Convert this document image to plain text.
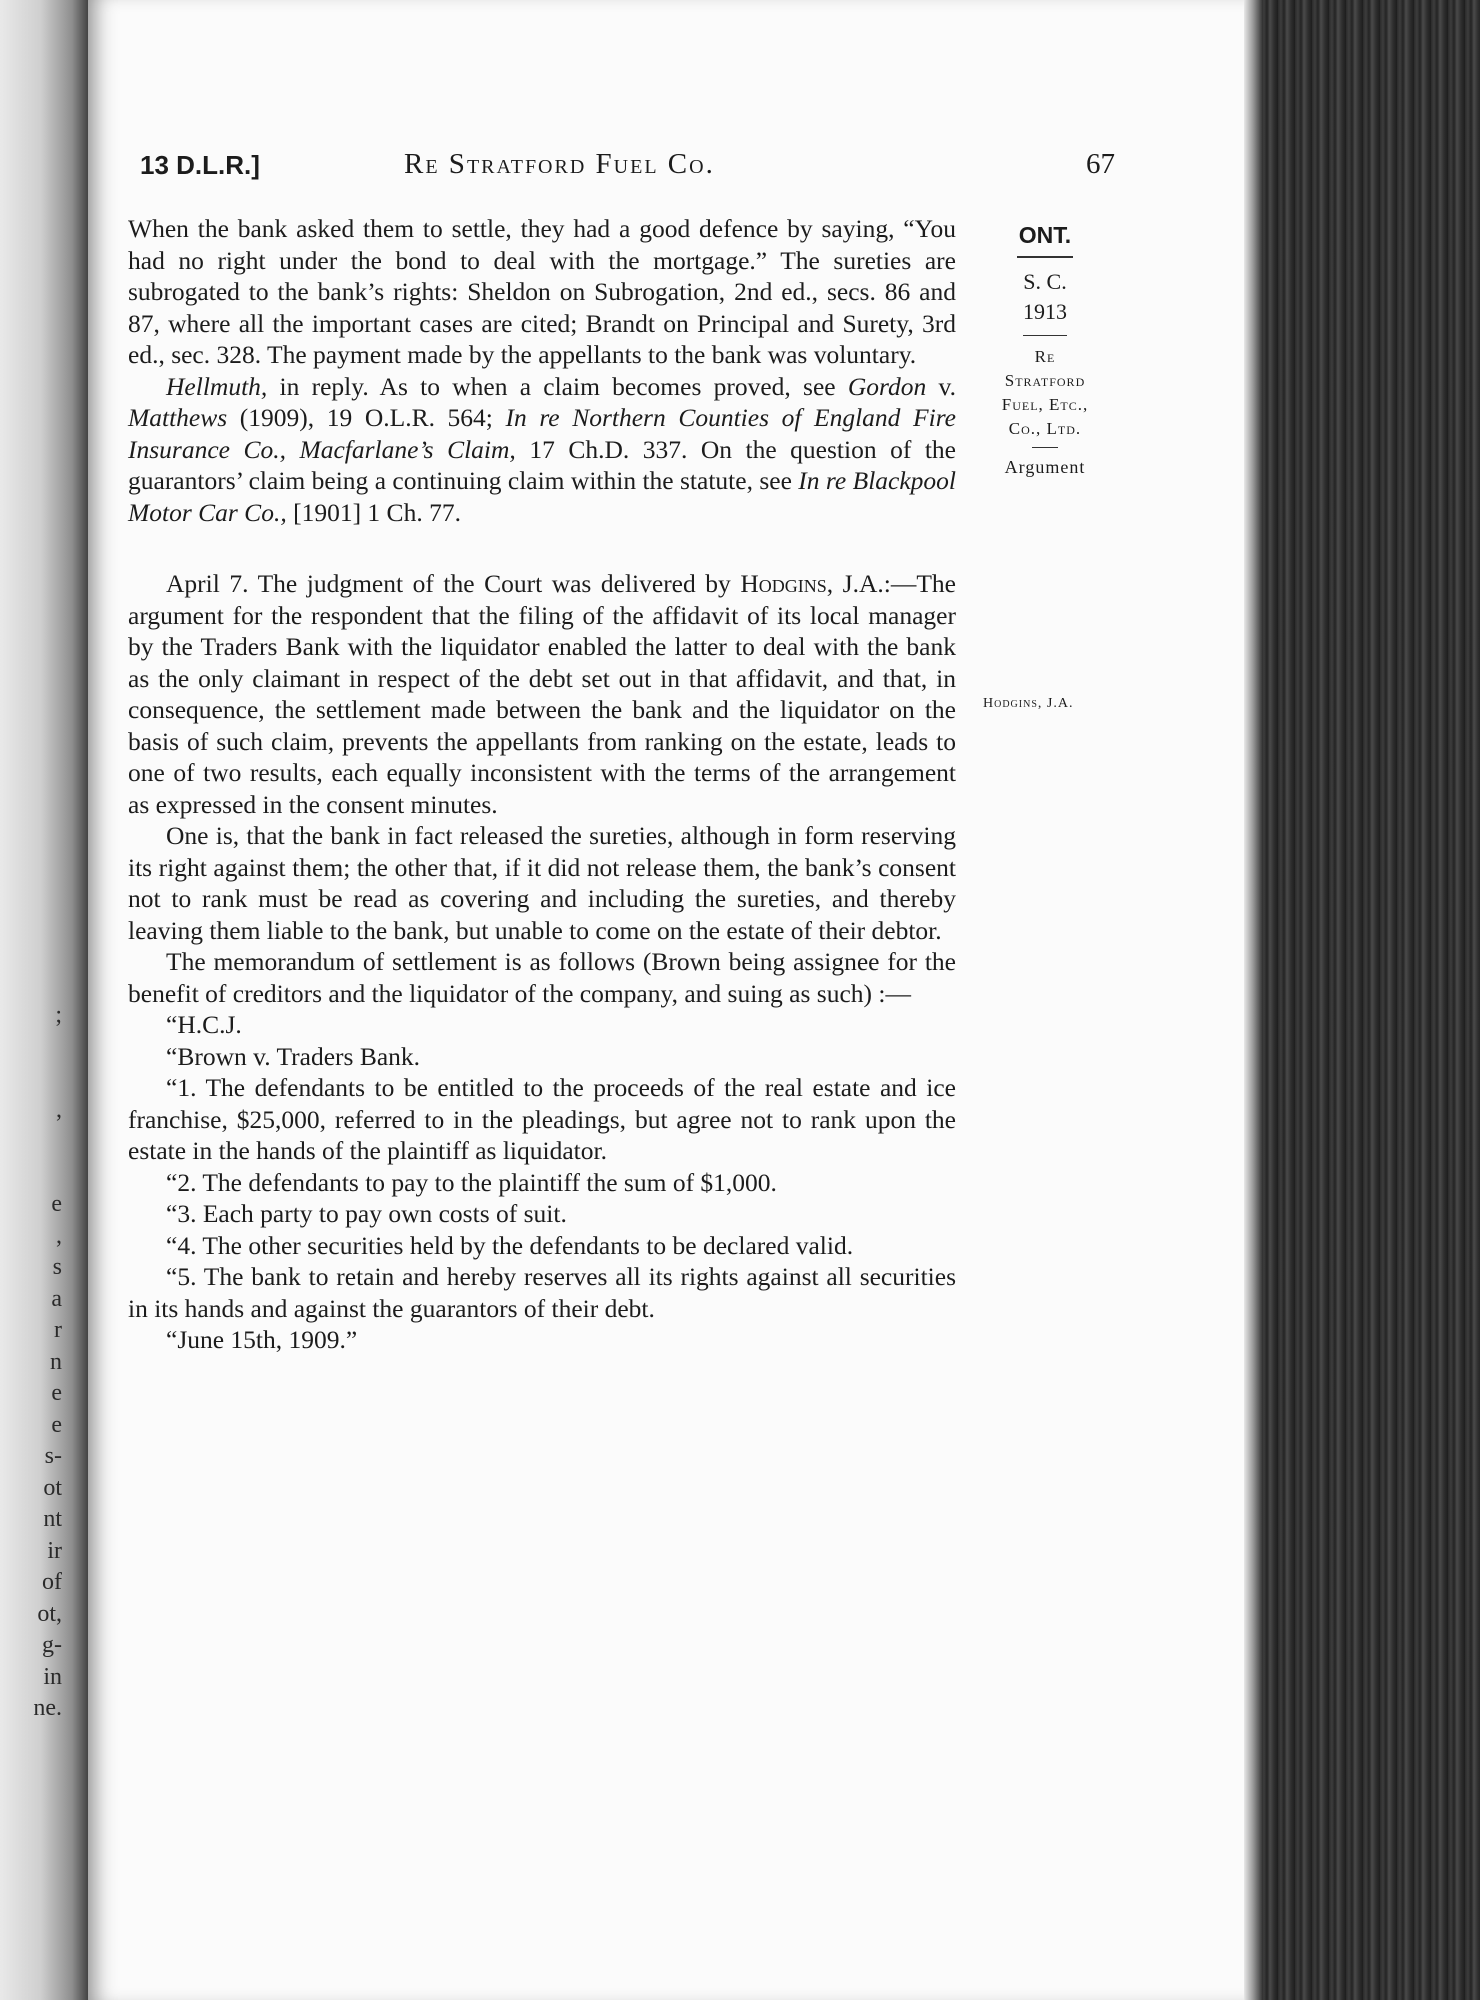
;
,
e
,
s
a
r
n
e
e
s-
ot
nt
ir
of
ot,
g-
in
ne.
13 D.L.R.]	Re Stratford Fuel Co.	67
ONT.
S. C.
1913
Re
Stratford
Fuel, Etc.,
Co., Ltd.
Argument
Hodgins, J.A.

When the bank asked them to settle, they had a good defence by saying, “You had no right under the bond to deal with the mortgage.” The sureties are subrogated to the bank’s rights: Sheldon on Subrogation, 2nd ed., secs. 86 and 87, where all the important cases are cited; Brandt on Principal and Surety, 3rd ed., sec. 328. The payment made by the appellants to the bank was voluntary.

Hellmuth, in reply. As to when a claim becomes proved, see Gordon v. Matthews (1909), 19 O.L.R. 564; In re Northern Counties of England Fire Insurance Co., Macfarlane’s Claim, 17 Ch.D. 337. On the question of the guarantors’ claim being a continuing claim within the statute, see In re Blackpool Motor Car Co., [1901] 1 Ch. 77.

April 7. The judgment of the Court was delivered by Hodgins, J.A.:—The argument for the respondent that the filing of the affidavit of its local manager by the Traders Bank with the liquidator enabled the latter to deal with the bank as the only claimant in respect of the debt set out in that affidavit, and that, in consequence, the settlement made between the bank and the liquidator on the basis of such claim, prevents the appellants from ranking on the estate, leads to one of two results, each equally inconsistent with the terms of the arrangement as expressed in the consent minutes.

One is, that the bank in fact released the sureties, although in form reserving its right against them; the other that, if it did not release them, the bank’s consent not to rank must be read as covering and including the sureties, and thereby leaving them liable to the bank, but unable to come on the estate of their debtor.

The memorandum of settlement is as follows (Brown being assignee for the benefit of creditors and the liquidator of the company, and suing as such) :—

“H.C.J.

“Brown v. Traders Bank.

“1. The defendants to be entitled to the proceeds of the real estate and ice franchise, $25,000, referred to in the pleadings, but agree not to rank upon the estate in the hands of the plaintiff as liquidator.

“2. The defendants to pay to the plaintiff the sum of $1,000.

“3. Each party to pay own costs of suit.

“4. The other securities held by the defendants to be declared valid.

“5. The bank to retain and hereby reserves all its rights against all securities in its hands and against the guarantors of their debt.

“June 15th, 1909.”
